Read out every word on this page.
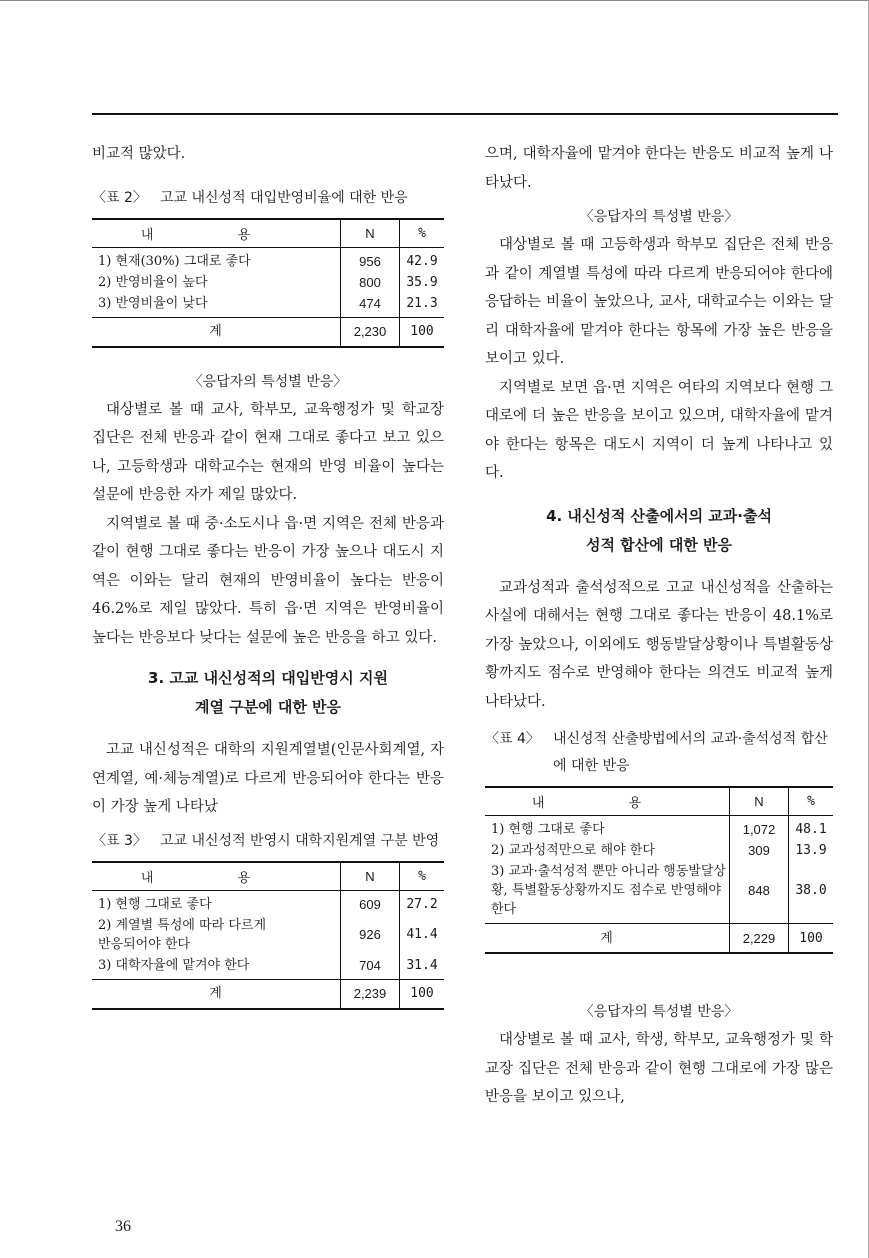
비교적 많았다.

〈표 2〉 고교 내신성적 대입반영비율에 대한 반응
내 용	N	%
1) 현재(30%) 그대로 좋다	956	42.9
2) 반영비율이 높다	800	35.9
3) 반영비율이 낮다	474	21.3
계	2,230	100
〈응답자의 특성별 반응〉

대상별로 볼 때 교사, 학부모, 교육행정가 및 학교장 집단은 전체 반응과 같이 현재 그대로 좋다고 보고 있으나, 고등학생과 대학교수는 현재의 반영 비율이 높다는 설문에 반응한 자가 제일 많았다.

지역별로 볼 때 중·소도시나 읍·면 지역은 전체 반응과 같이 현행 그대로 좋다는 반응이 가장 높으나 대도시 지역은 이와는 달리 현재의 반영비율이 높다는 반응이 46.2%로 제일 많았다. 특히 읍·면 지역은 반영비율이 높다는 반응보다 낮다는 설문에 높은 반응을 하고 있다.

3. 고교 내신성적의 대입반영시 지원
계열 구분에 대한 반응

고교 내신성적은 대학의 지원계열별(인문사회계열, 자연계열, 예·체능계열)로 다르게 반응되어야 한다는 반응이 가장 높게 나타났

〈표 3〉 고교 내신성적 반영시 대학지원계열 구분 반영
내 용	N	%
1) 현행 그대로 좋다	609	27.2
2) 계열별 특성에 따라 다르게 반응되어야 한다	926	41.4
3) 대학자율에 맡겨야 한다	704	31.4
계	2,239	100

으며, 대학자율에 맡겨야 한다는 반응도 비교적 높게 나타났다.

〈응답자의 특성별 반응〉

대상별로 볼 때 고등학생과 학부모 집단은 전체 반응과 같이 계열별 특성에 따라 다르게 반응되어야 한다에 응답하는 비율이 높았으나, 교사, 대학교수는 이와는 달리 대학자율에 맡겨야 한다는 항목에 가장 높은 반응을 보이고 있다.

지역별로 보면 읍·면 지역은 여타의 지역보다 현행 그대로에 더 높은 반응을 보이고 있으며, 대학자율에 맡겨야 한다는 항목은 대도시 지역이 더 높게 나타나고 있다.

4. 내신성적 산출에서의 교과·출석
성적 합산에 대한 반응

교과성적과 출석성적으로 고교 내신성적을 산출하는 사실에 대해서는 현행 그대로 좋다는 반응이 48.1%로 가장 높았으나, 이외에도 행동발달상황이나 특별활동상황까지도 점수로 반영해야 한다는 의견도 비교적 높게 나타났다.

〈표 4〉 내신성적 산출방법에서의 교과·출석성적 합산에 대한 반응
내 용	N	%
1) 현행 그대로 좋다	1,072	48.1
2) 교과성적만으로 해야 한다	309	13.9
3) 교과·출석성적 뿐만 아니라 행동발달상황, 특별활동상황까지도 점수로 반영해야 한다	848	38.0
계	2,229	100
〈응답자의 특성별 반응〉

대상별로 볼 때 교사, 학생, 학부모, 교육행정가 및 학교장 집단은 전체 반응과 같이 현행 그대로에 가장 많은 반응을 보이고 있으나,

36
